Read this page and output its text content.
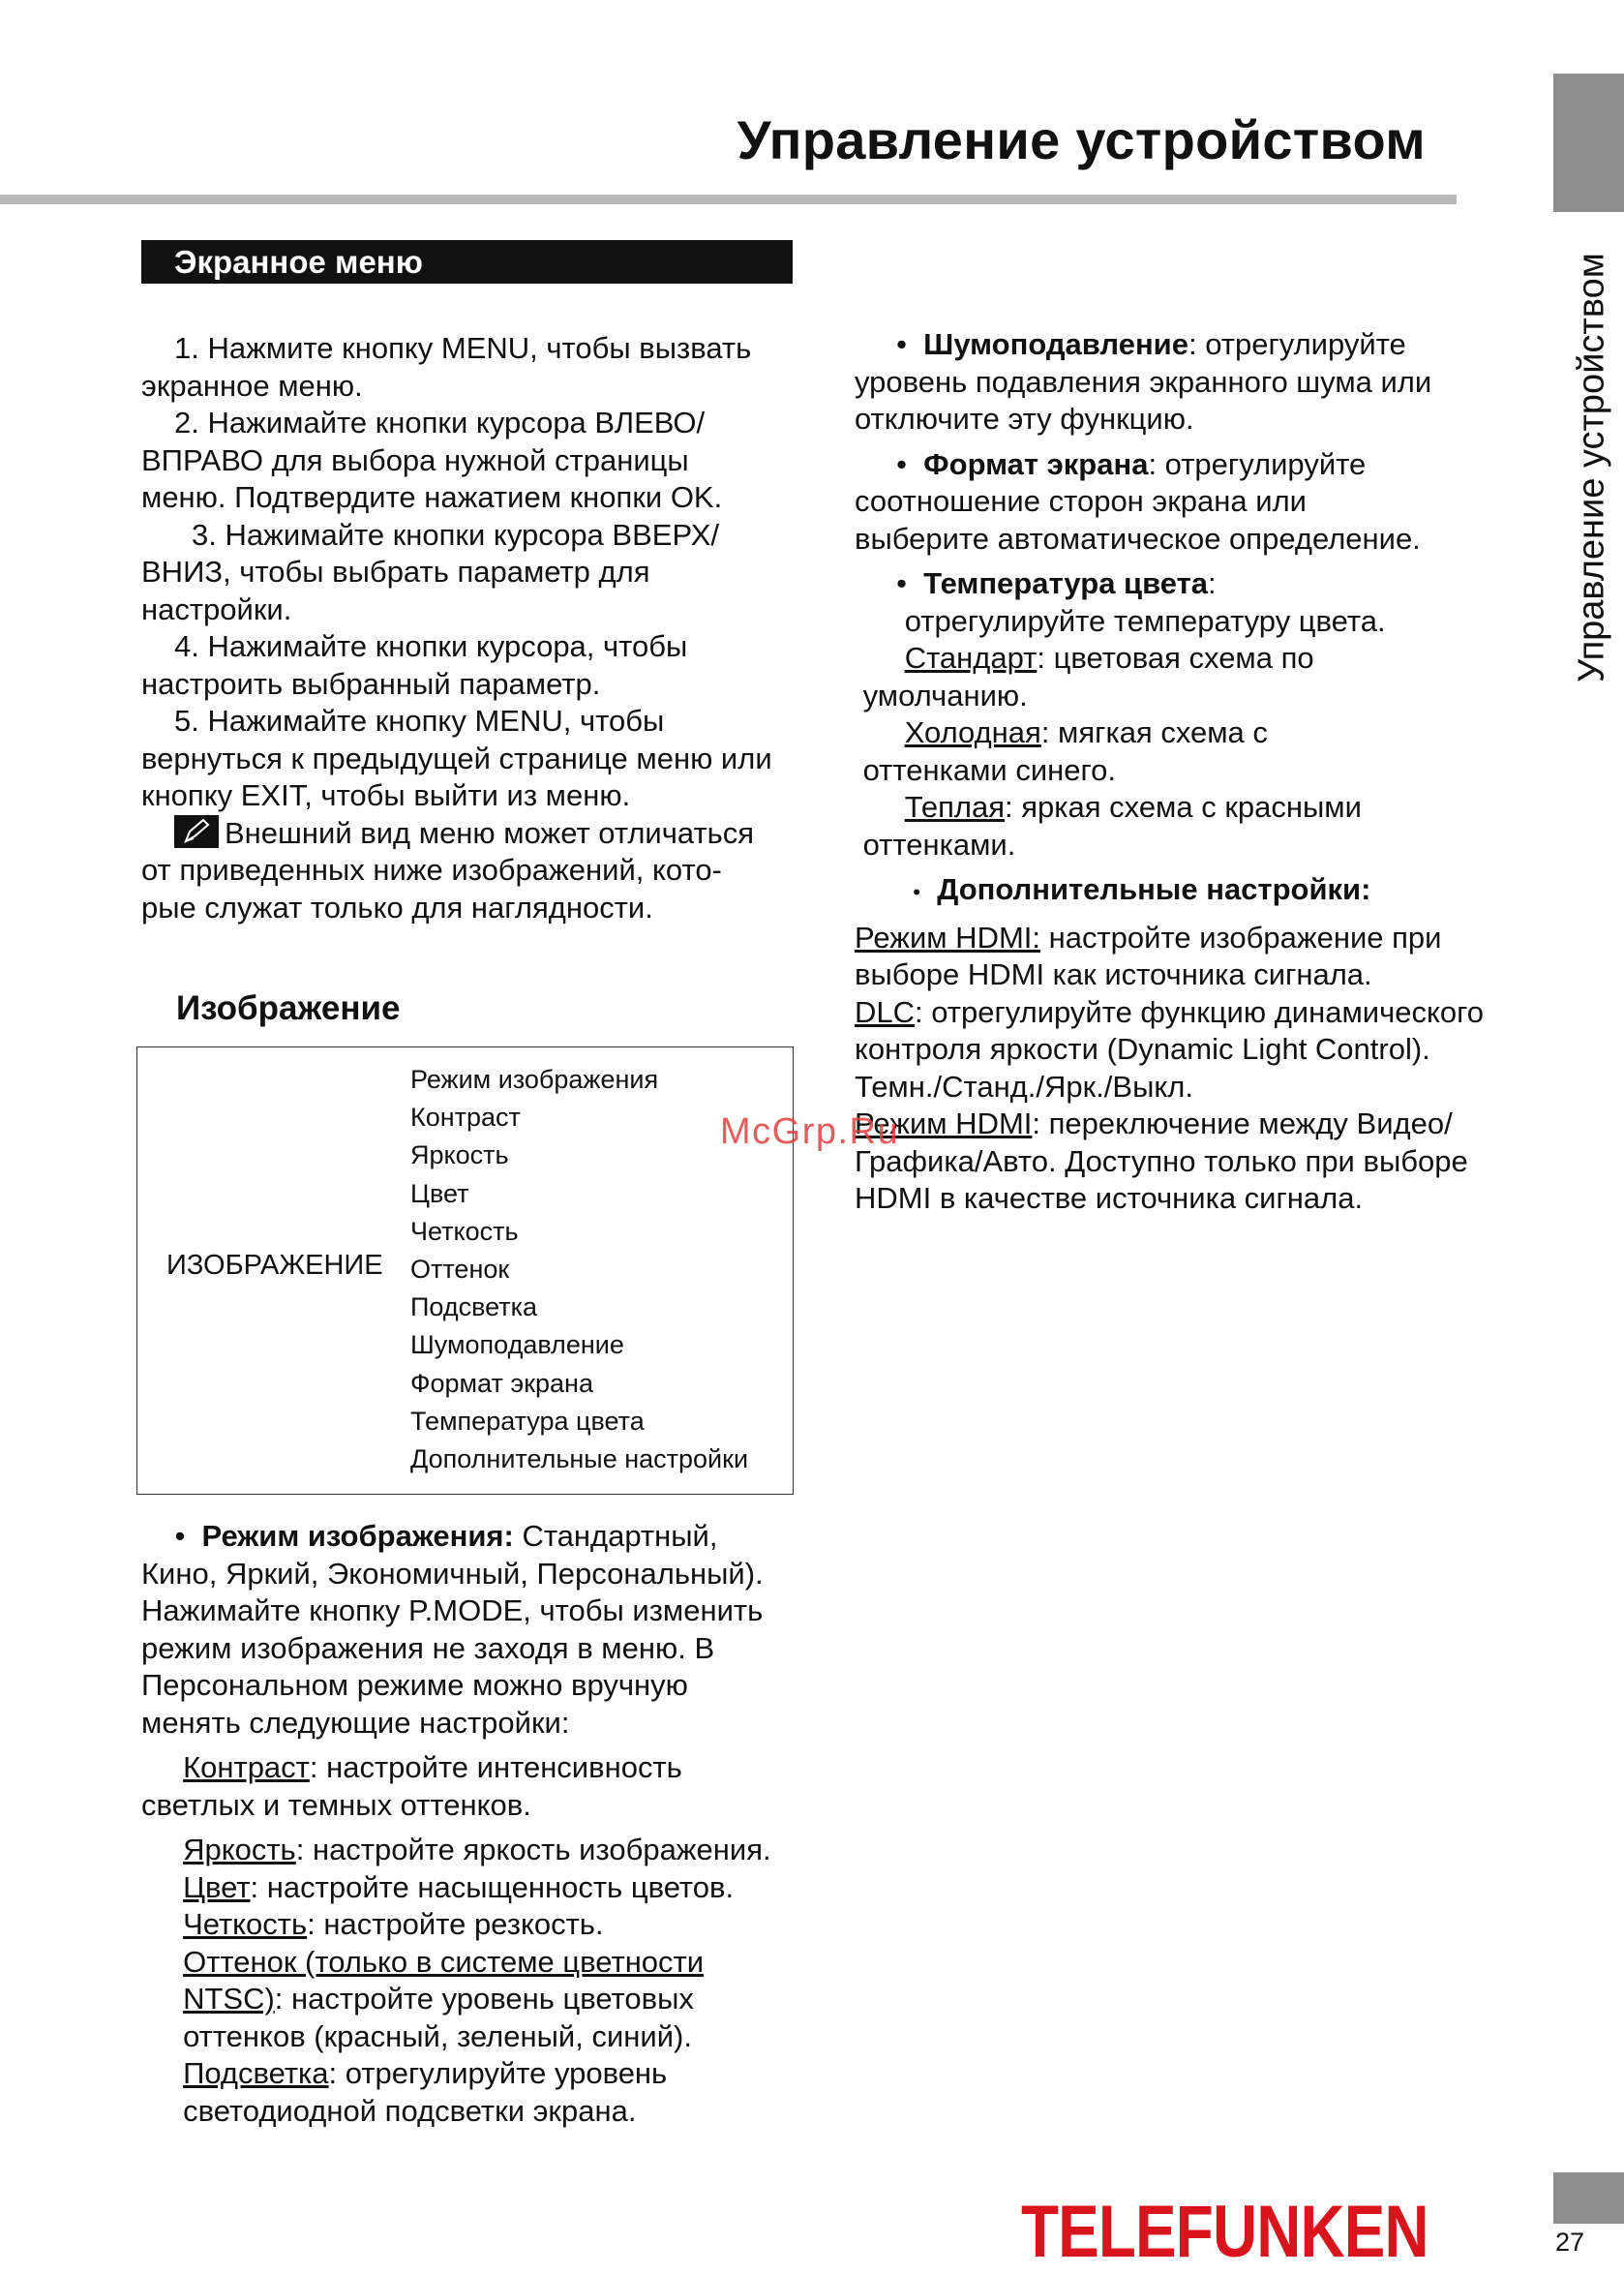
Управление устройством
Управление устройством
Экранное меню

1. Нажмите кнопку MENU, чтобы вызвать

экранное меню.

2. Нажимайте кнопки курсора ВЛЕВО/

ВПРАВО для выбора нужной страницы

меню. Подтвердите нажатием кнопки OK.

3. Нажимайте кнопки курсора ВВЕРХ/

ВНИЗ, чтобы выбрать параметр для

настройки.

4. Нажимайте кнопки курсора, чтобы

настроить выбранный параметр.

5. Нажимайте кнопку MENU, чтобы

вернуться к предыдущей странице меню или

кнопку EXIT, чтобы выйти из меню.

Внешний вид меню может отличаться

от приведенных ниже изображений, кото-

рые служат только для наглядности.

Изображение
ИЗОБРАЖЕНИЕ
Режим изображения
Контраст
Яркость
Цвет
Четкость
Оттенок
Подсветка
Шумоподавление
Формат экрана
Температура цвета
Дополнительные настройки

• Режим изображения: Стандартный,

Кино, Яркий, Экономичный, Персональный).

Нажимайте кнопку P.MODE, чтобы изменить

режим изображения не заходя в меню. В

Персональном режиме можно вручную

менять следующие настройки:

Контраст: настройте интенсивность

светлых и темных оттенков.

Яркость: настройте яркость изображения.

Цвет: настройте насыщенность цветов.

Четкость: настройте резкость.

Оттенок (только в системе цветности

NTSC): настройте уровень цветовых

оттенков (красный, зеленый, синий).

Подсветка: отрегулируйте уровень

светодиодной подсветки экрана.

• Шумоподавление: отрегулируйте

уровень подавления экранного шума или

отключите эту функцию.

• Формат экрана: отрегулируйте

соотношение сторон экрана или

выберите автоматическое определение.

• Температура цвета:

отрегулируйте температуру цвета.

Стандарт: цветовая схема по

умолчанию.

Холодная: мягкая схема с

оттенками синего.

Теплая: яркая схема с красными

оттенками.

• Дополнительные настройки:

Режим HDMI: настройте изображение при

выборе HDMI как источника сигнала.

DLC: отрегулируйте функцию динамического

контроля яркости (Dynamic Light Control).

Темн./Станд./Ярк./Выкл.

Режим HDMI: переключение между Видео/

Графика/Авто. Доступно только при выборе

HDMI в качестве источника сигнала.

McGrp.Ru
TELEFUNKEN	27
